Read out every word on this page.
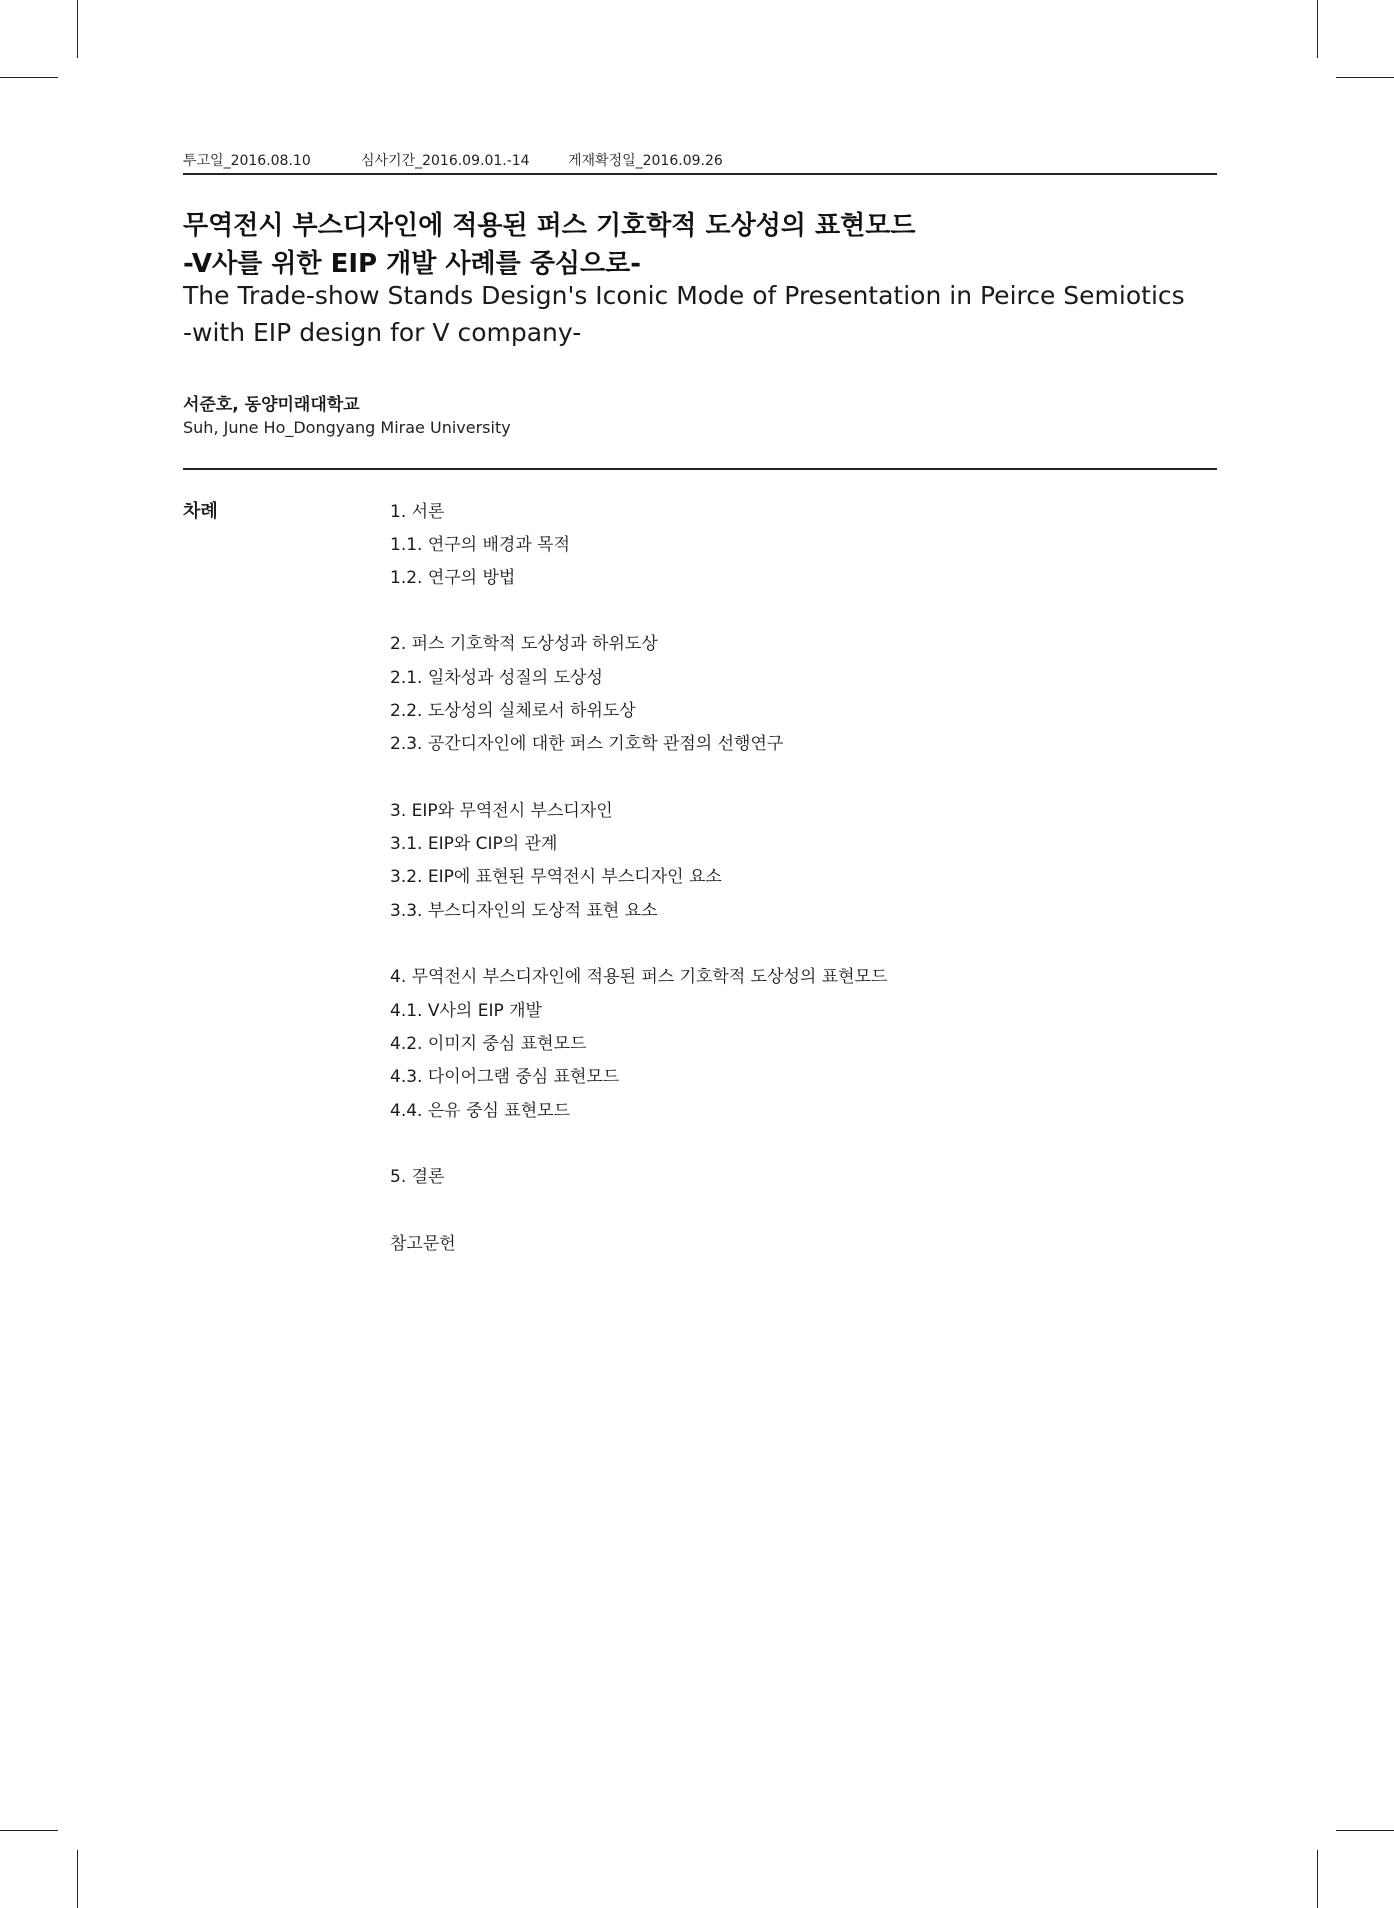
투고일_2016.08.10	심사기간_2016.09.01.-14	게재확정일_2016.09.26
무역전시 부스디자인에 적용된 퍼스 기호학적 도상성의 표현모드
-V사를 위한 EIP 개발 사례를 중심으로-
The Trade-show Stands Design's Iconic Mode of Presentation in Peirce Semiotics
-with EIP design for V company-
서준호, 동양미래대학교
Suh, June Ho_Dongyang Mirae University
차례	1. 서론
1.1. 연구의 배경과 목적
1.2. 연구의 방법
2. 퍼스 기호학적 도상성과 하위도상
2.1. 일차성과 성질의 도상성
2.2. 도상성의 실체로서 하위도상
2.3. 공간디자인에 대한 퍼스 기호학 관점의 선행연구
3. EIP와 무역전시 부스디자인
3.1. EIP와 CIP의 관계
3.2. EIP에 표현된 무역전시 부스디자인 요소
3.3. 부스디자인의 도상적 표현 요소
4. 무역전시 부스디자인에 적용된 퍼스 기호학적 도상성의 표현모드
4.1. V사의 EIP 개발
4.2. 이미지 중심 표현모드
4.3. 다이어그램 중심 표현모드
4.4. 은유 중심 표현모드
5. 결론
참고문헌
